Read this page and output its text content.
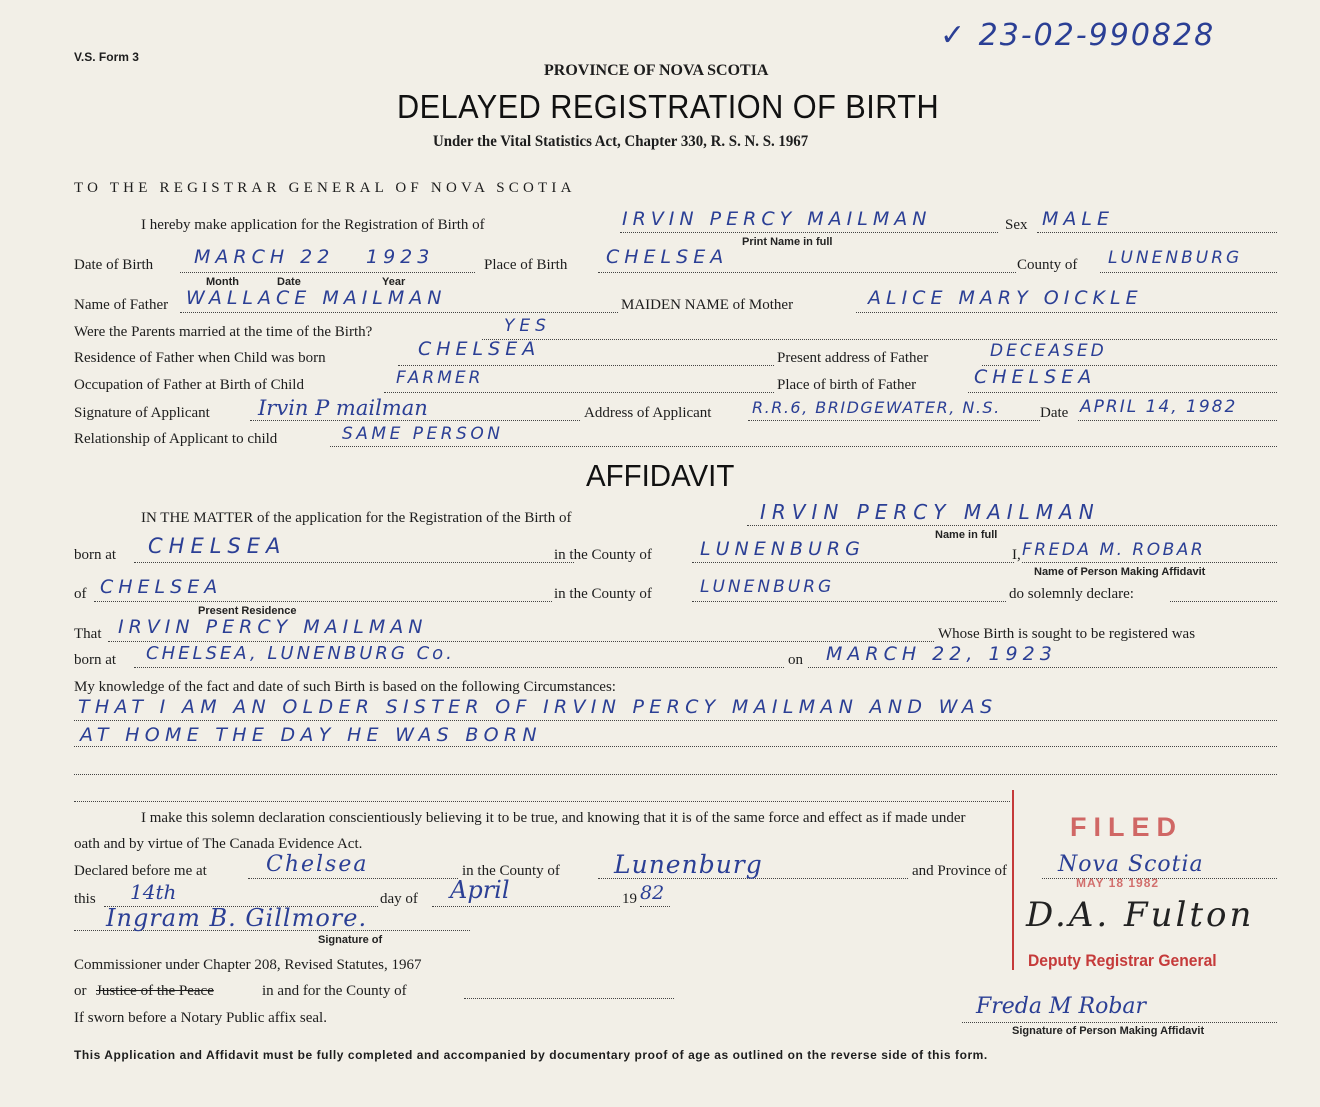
V.S. Form 3
✓ 23-02-990828
PROVINCE OF NOVA SCOTIA
DELAYED REGISTRATION OF BIRTH
Under the Vital Statistics Act, Chapter 330, R. S. N. S. 1967
TO THE REGISTRAR GENERAL OF NOVA SCOTIA
I hereby make application for the Registration of Birth of	IRVIN PERCY MAILMAN
Print Name in full
Sex MALE
Date of Birth MARCH 22 1923
Month	Date	Year
Place of Birth CHELSEA	County of LUNENBURG
Name of Father WALLACE MAILMAN	MAIDEN NAME of Mother	ALICE MARY OICKLE
Were the Parents married at the time of the Birth?	YES
Residence of Father when Child was born	CHELSEA	Present address of Father	DECEASED
Occupation of Father at Birth of Child	FARMER	Place of birth of Father	CHELSEA
Signature of Applicant Irvin P mailman	Address of Applicant	R.R.6, BRIDGEWATER, N.S.	Date APRIL 14, 1982
Relationship of Applicant to child	SAME PERSON
AFFIDAVIT
IN THE MATTER of the application for the Registration of the Birth of	IRVIN PERCY MAILMAN
Name in full
born at CHELSEA	in the County of	LUNENBURG	I, FREDA M. ROBAR
Name of Person Making Affidavit
of CHELSEA
Present Residence
in the County of	LUNENBURG	do solemnly declare:
That IRVIN PERCY MAILMAN	Whose Birth is sought to be registered was
born at CHELSEA, LUNENBURG Co.	on MARCH 22, 1923
My knowledge of the fact and date of such Birth is based on the following Circumstances:
THAT I AM AN OLDER SISTER OF IRVIN PERCY MAILMAN AND WAS
AT HOME THE DAY HE WAS BORN
I make this solemn declaration conscientiously believing it to be true, and knowing that it is of the same force and effect as if made under
oath and by virtue of The Canada Evidence Act.
Declared before me at	Chelsea	in the County of Lunenburg	and Province of Nova Scotia
this 14th	day of April	19 82
Ingram B. Gillmore.
Signature of
Commissioner under Chapter 208, Revised Statutes, 1967
or Justice of the Peace	in and for the County of
If sworn before a Notary Public affix seal.	Freda M Robar
Signature of Person Making Affidavit
FILED
MAY 18 1982
D.A. Fulton
Deputy Registrar General
This Application and Affidavit must be fully completed and accompanied by documentary proof of age as outlined on the reverse side of this form.
